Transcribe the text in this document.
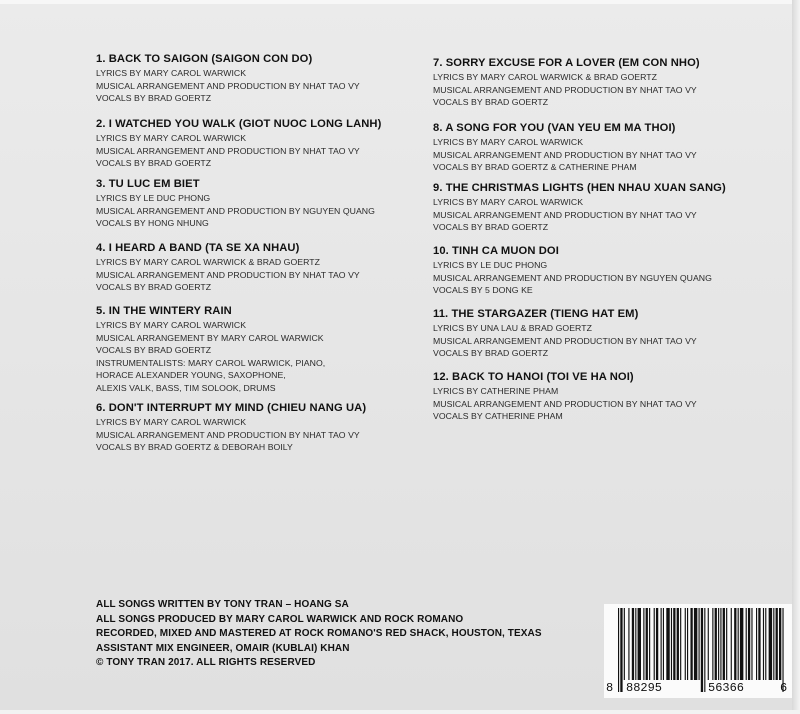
1. BACK TO SAIGON (SAIGON CON DO)
LYRICS BY MARY CAROL WARWICK
MUSICAL ARRANGEMENT AND PRODUCTION BY NHAT TAO VY
VOCALS BY BRAD GOERTZ
2. I WATCHED YOU WALK (GIOT NUOC LONG LANH)
LYRICS BY MARY CAROL WARWICK
MUSICAL ARRANGEMENT AND PRODUCTION BY NHAT TAO VY
VOCALS BY BRAD GOERTZ
3. TU LUC EM BIET
LYRICS BY LE DUC PHONG
MUSICAL ARRANGEMENT AND PRODUCTION BY NGUYEN QUANG
VOCALS BY HONG NHUNG
4. I HEARD A BAND (TA SE XA NHAU)
LYRICS BY MARY CAROL WARWICK & BRAD GOERTZ
MUSICAL ARRANGEMENT AND PRODUCTION BY NHAT TAO VY
VOCALS BY BRAD GOERTZ
5. IN THE WINTERY RAIN
LYRICS BY MARY CAROL WARWICK
MUSICAL ARRANGEMENT BY MARY CAROL WARWICK
VOCALS BY BRAD GOERTZ
INSTRUMENTALISTS: MARY CAROL WARWICK, PIANO,
HORACE ALEXANDER YOUNG, SAXOPHONE,
ALEXIS VALK, BASS, TIM SOLOOK, DRUMS
6. DON'T INTERRUPT MY MIND (CHIEU NANG UA)
LYRICS BY MARY CAROL WARWICK
MUSICAL ARRANGEMENT AND PRODUCTION BY NHAT TAO VY
VOCALS BY BRAD GOERTZ & DEBORAH BOILY
7. SORRY EXCUSE FOR A LOVER (EM CON NHO)
LYRICS BY MARY CAROL WARWICK & BRAD GOERTZ
MUSICAL ARRANGEMENT AND PRODUCTION BY NHAT TAO VY
VOCALS BY BRAD GOERTZ
8. A SONG FOR YOU (VAN YEU EM MA THOI)
LYRICS BY MARY CAROL WARWICK
MUSICAL ARRANGEMENT AND PRODUCTION BY NHAT TAO VY
VOCALS BY BRAD GOERTZ & CATHERINE PHAM
9. THE CHRISTMAS LIGHTS (HEN NHAU XUAN SANG)
LYRICS BY MARY CAROL WARWICK
MUSICAL ARRANGEMENT AND PRODUCTION BY NHAT TAO VY
VOCALS BY BRAD GOERTZ
10. TINH CA MUON DOI
LYRICS BY LE DUC PHONG
MUSICAL ARRANGEMENT AND PRODUCTION BY NGUYEN QUANG
VOCALS BY 5 DONG KE
11. THE STARGAZER (TIENG HAT EM)
LYRICS BY UNA LAU & BRAD GOERTZ
MUSICAL ARRANGEMENT AND PRODUCTION BY NHAT TAO VY
VOCALS BY BRAD GOERTZ
12. BACK TO HANOI (TOI VE HA NOI)
LYRICS BY CATHERINE PHAM
MUSICAL ARRANGEMENT AND PRODUCTION BY NHAT TAO VY
VOCALS BY CATHERINE PHAM
ALL SONGS WRITTEN BY TONY TRAN – HOANG SA
ALL SONGS PRODUCED BY MARY CAROL WARWICK AND ROCK ROMANO
RECORDED, MIXED AND MASTERED AT ROCK ROMANO'S RED SHACK, HOUSTON, TEXAS
ASSISTANT MIX ENGINEER, OMAIR (KUBLAI) KHAN
© TONY TRAN 2017. ALL RIGHTS RESERVED
8 88295	56366	6
